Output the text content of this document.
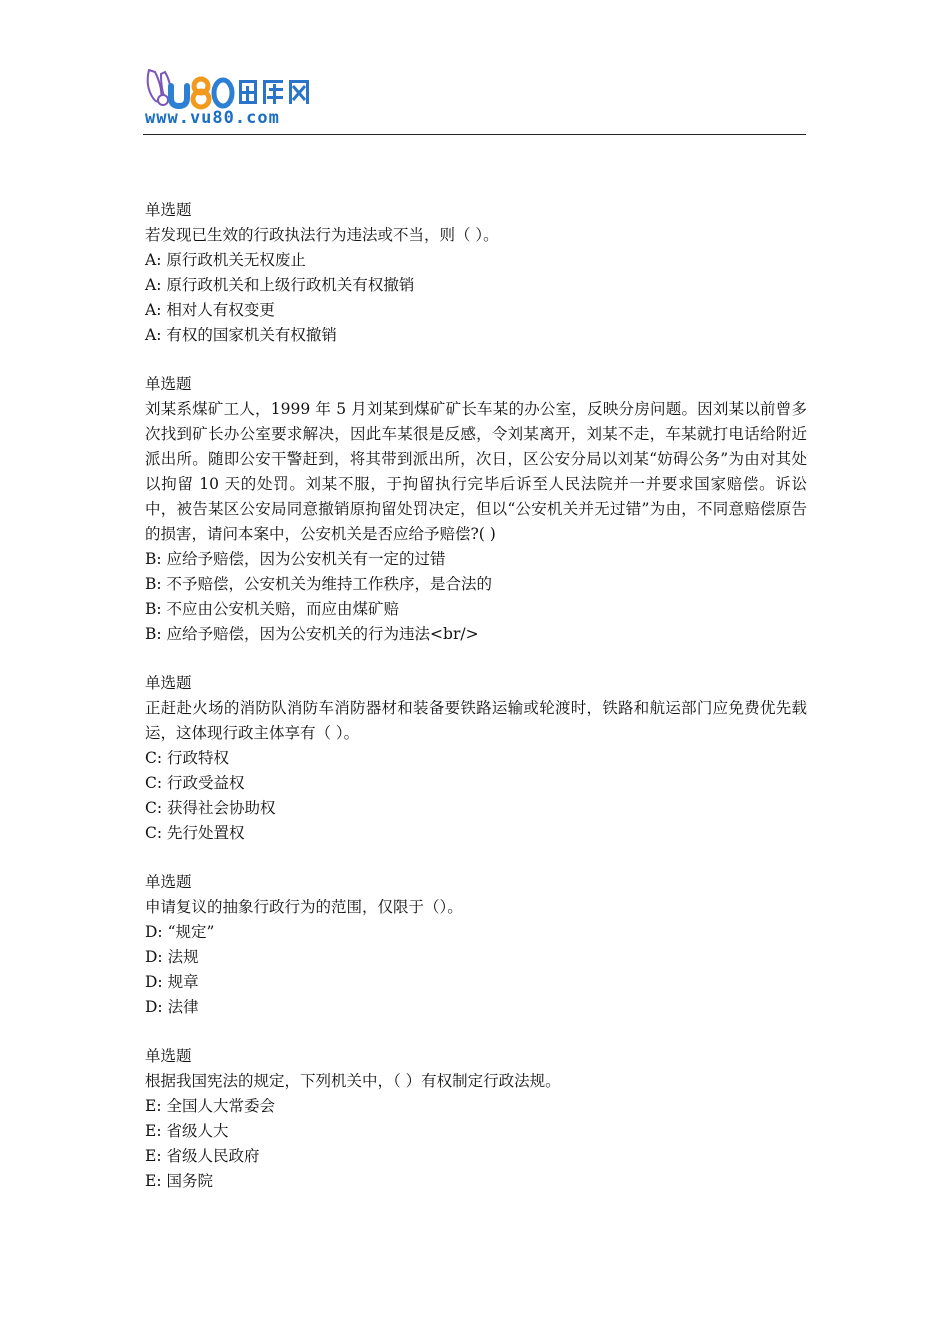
www.vu80.com

单选题

若发现已生效的行政执法行为违法或不当，则（ ）。

A: 原行政机关无权废止

A: 原行政机关和上级行政机关有权撤销

A: 相对人有权变更

A: 有权的国家机关有权撤销

单选题

刘某系煤矿工人，1999 年 5 月刘某到煤矿矿长车某的办公室，反映分房问题。因刘某以前曾多次找到矿长办公室要求解决，因此车某很是反感，令刘某离开，刘某不走，车某就打电话给附近派出所。随即公安干警赶到，将其带到派出所，次日，区公安分局以刘某“妨碍公务”为由对其处以拘留 10 天的处罚。刘某不服，于拘留执行完毕后诉至人民法院并一并要求国家赔偿。诉讼中，被告某区公安局同意撤销原拘留处罚决定，但以“公安机关并无过错”为由，不同意赔偿原告的损害，请问本案中，公安机关是否应给予赔偿?( )

B: 应给予赔偿，因为公安机关有一定的过错

B: 不予赔偿，公安机关为维持工作秩序，是合法的

B: 不应由公安机关赔，而应由煤矿赔

B: 应给予赔偿，因为公安机关的行为违法<br/>

单选题

正赶赴火场的消防队消防车消防器材和装备要铁路运输或轮渡时，铁路和航运部门应免费优先载运，这体现行政主体享有（ ）。

C: 行政特权

C: 行政受益权

C: 获得社会协助权

C: 先行处置权

单选题

申请复议的抽象行政行为的范围，仅限于（）。

D: “规定”

D: 法规

D: 规章

D: 法律

单选题

根据我国宪法的规定，下列机关中，（ ）有权制定行政法规。

E: 全国人大常委会

E: 省级人大

E: 省级人民政府

E: 国务院
